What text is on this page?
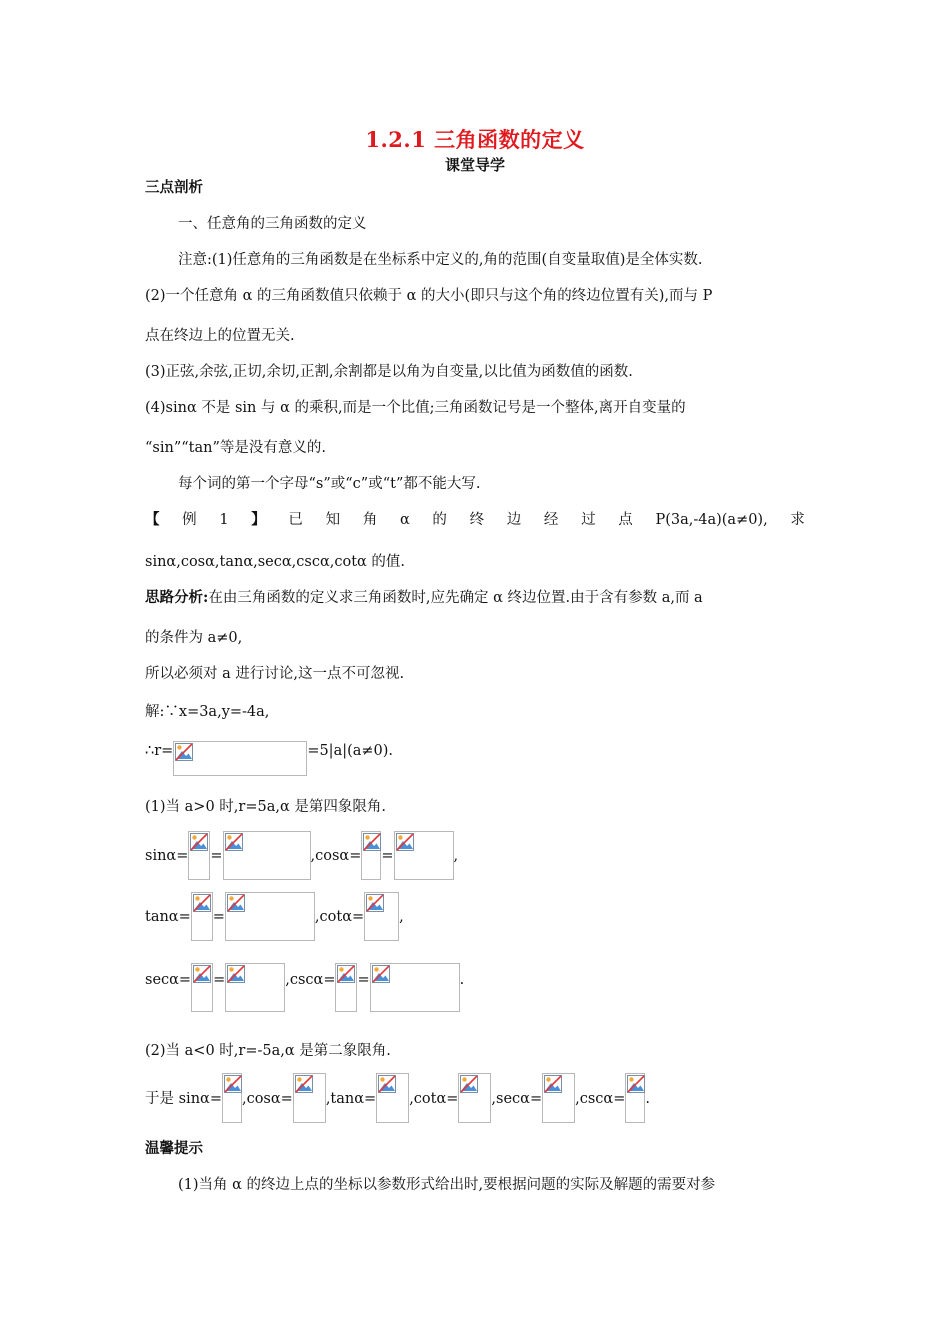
1.2.1 三角函数的定义
课堂导学
三点剖析
一、任意角的三角函数的定义
注意:(1)任意角的三角函数是在坐标系中定义的,角的范围(自变量取值)是全体实数.
(2)一个任意角 α 的三角函数值只依赖于 α 的大小(即只与这个角的终边位置有关),而与 P
点在终边上的位置无关.
(3)正弦,余弦,正切,余切,正割,余割都是以角为自变量,以比值为函数值的函数.
(4)sinα 不是 sin 与 α 的乘积,而是一个比值;三角函数记号是一个整体,离开自变量的
“sin”“tan”等是没有意义的.
每个词的第一个字母“s”或“c”或“t”都不能大写.
【 例 1 】 已 知 角 α 的 终 边 经 过 点 P(3a,-4a)(a≠0), 求
sinα,cosα,tanα,secα,cscα,cotα 的值.
思路分析:在由三角函数的定义求三角函数时,应先确定 α 终边位置.由于含有参数 a,而 a
的条件为 a≠0,
所以必须对 a 进行讨论,这一点不可忽视.
解:∵x=3a,y=-4a,
∴r=	=5|a|(a≠0).
(1)当 a>0 时,r=5a,α 是第四象限角.
sinα= =	,cosα= =	,
tanα= =	,cotα= ,
secα= =	,cscα= =	.
(2)当 a<0 时,r=-5a,α 是第二象限角.
于是 sinα= ,cosα= ,tanα= ,cotα= ,secα= ,cscα= .
温馨提示
(1)当角 α 的终边上点的坐标以参数形式给出时,要根据问题的实际及解题的需要对参
